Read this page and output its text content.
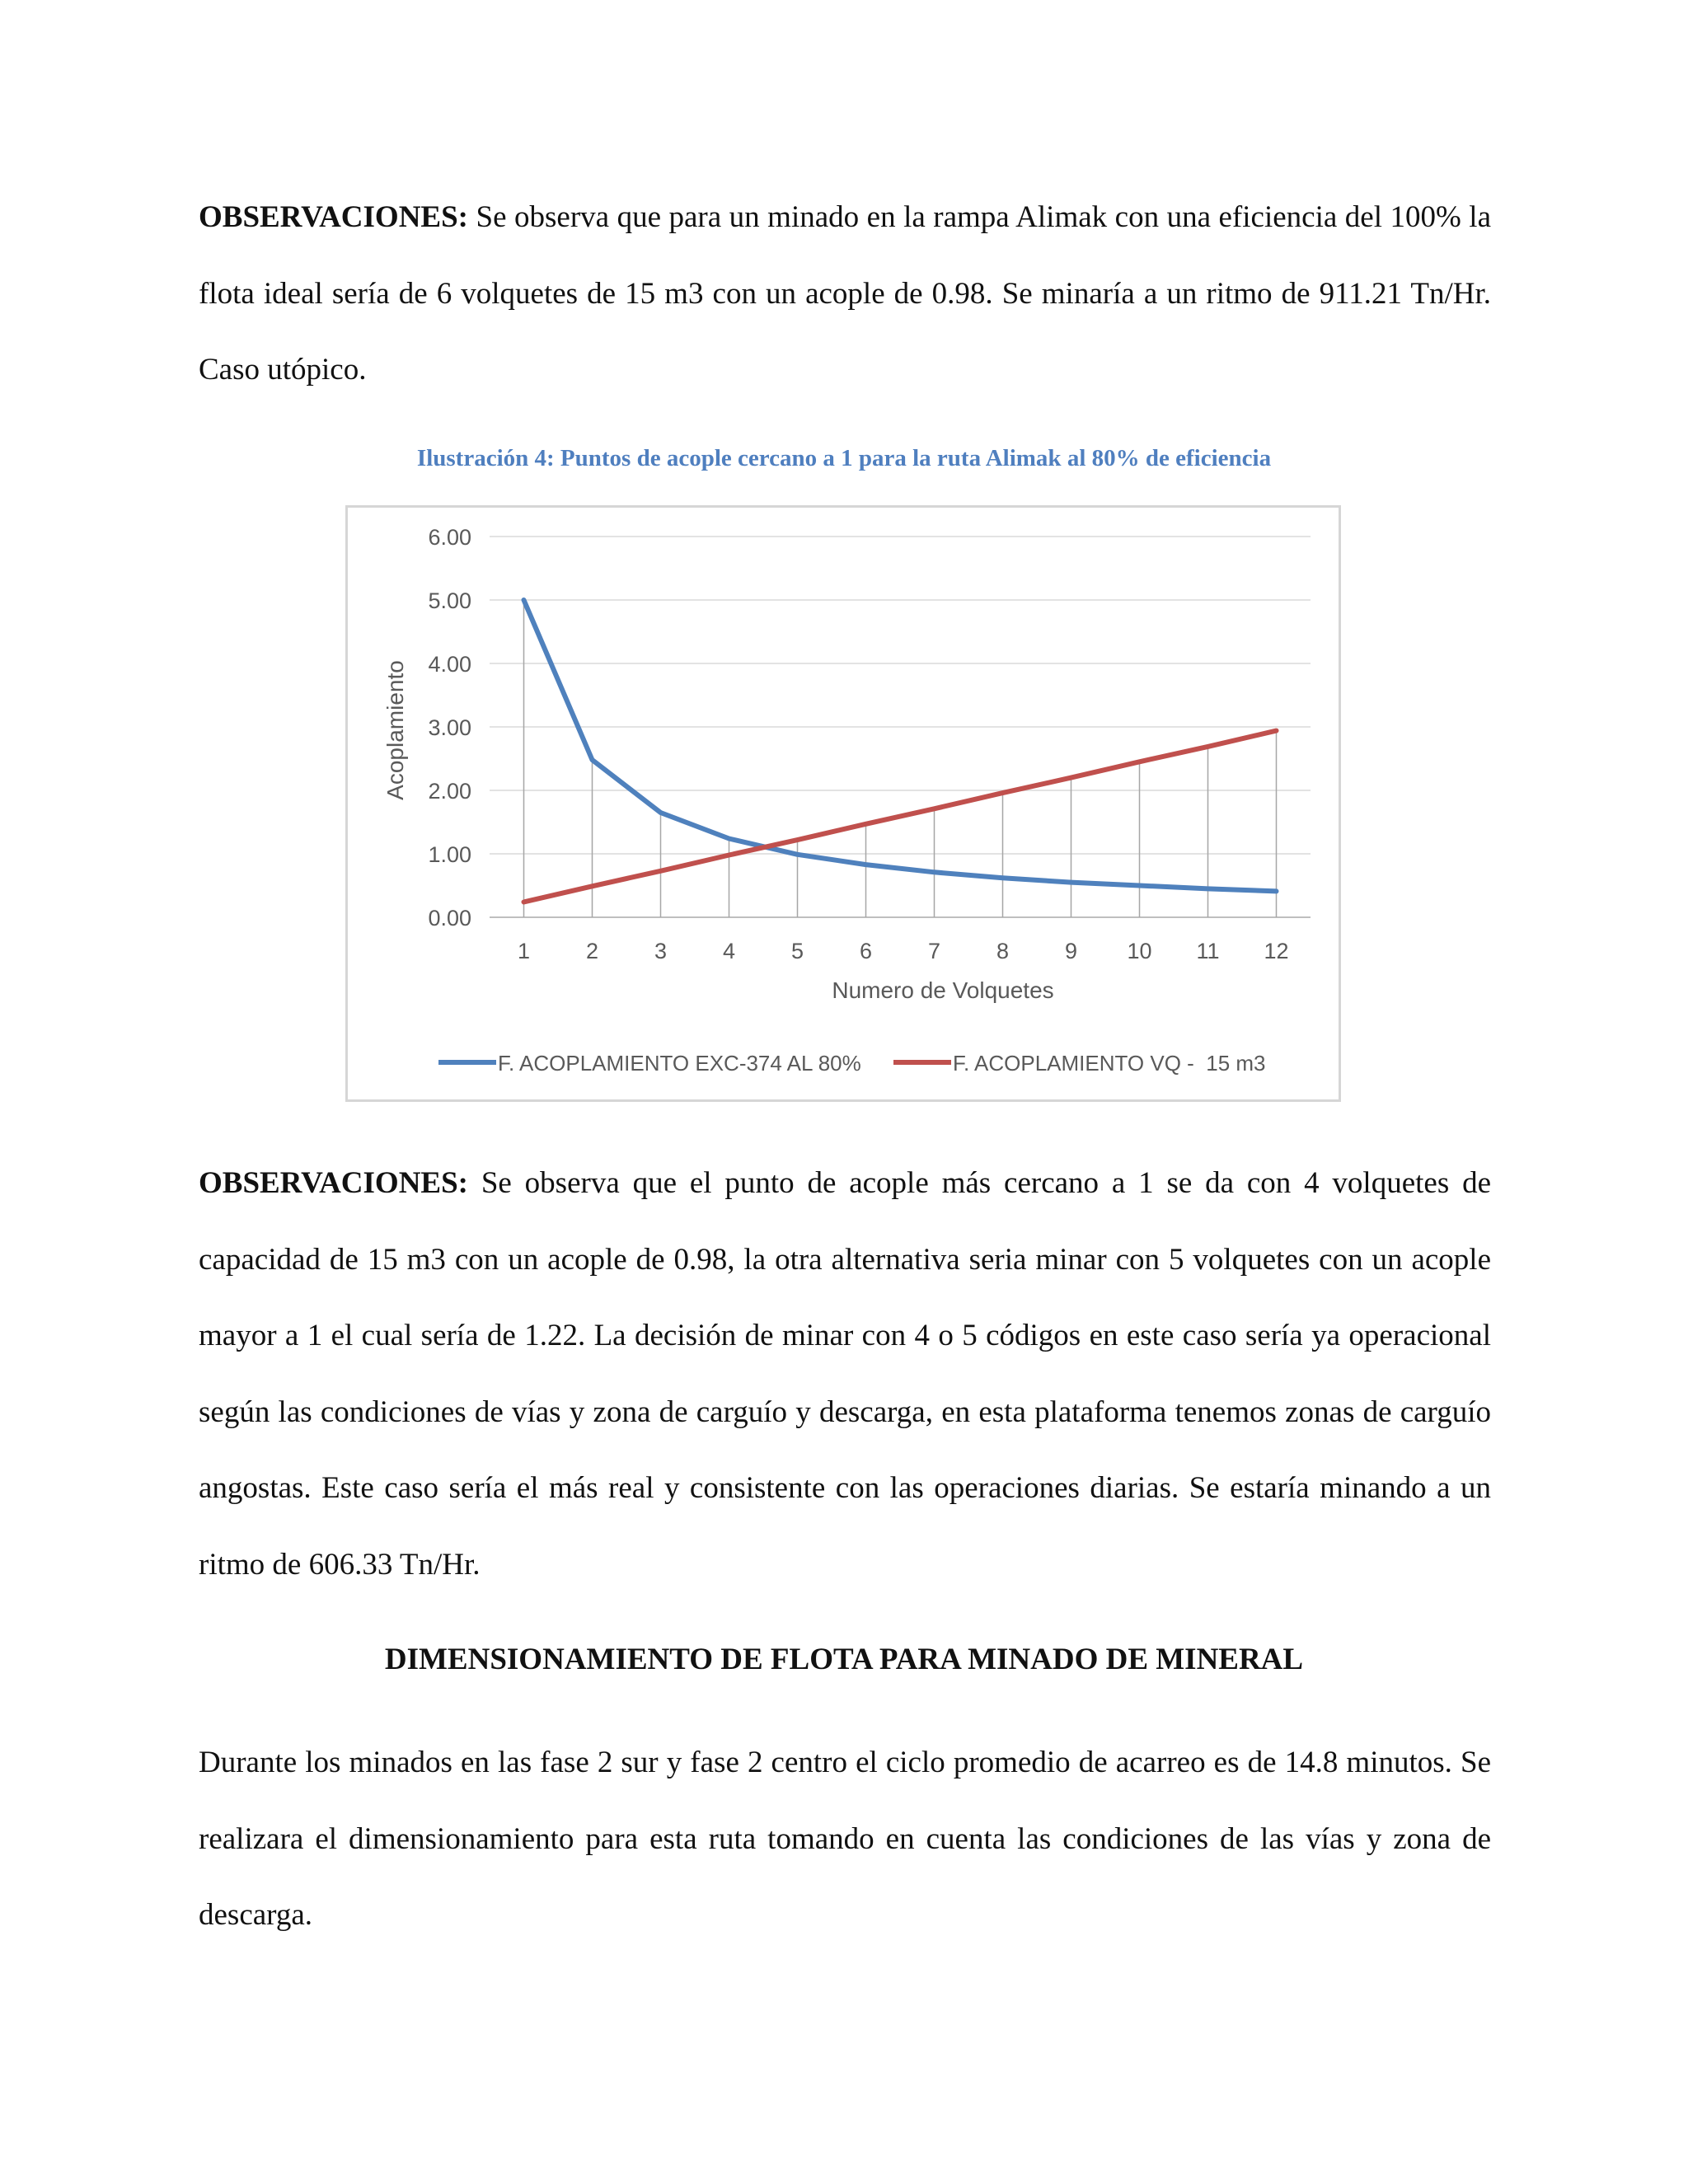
OBSERVACIONES: Se observa que para un minado en la rampa Alimak con una eficiencia del 100% la flota ideal sería de 6 volquetes de 15 m3 con un acople de 0.98. Se minaría a un ritmo de 911.21 Tn/Hr. Caso utópico.

Ilustración 4: Puntos de acople cercano a 1 para la ruta Alimak al 80% de eficiencia
0.00
1.00
2.00
3.00
4.00
5.00
6.00
1	2	3	4	5	6	7	8	9 10 11 12
Numero de Volquetes
Acoplamiento
F. ACOPLAMIENTO EXC-374 AL 80%	F. ACOPLAMIENTO VQ -  15 m3

OBSERVACIONES: Se observa que el punto de acople más cercano a 1 se da con 4 volquetes de capacidad de 15 m3 con un acople de 0.98, la otra alternativa seria minar con 5 volquetes con un acople mayor a 1 el cual sería de 1.22. La decisión de minar con 4 o 5 códigos en este caso sería ya operacional según las condiciones de vías y zona de carguío y descarga, en esta plataforma tenemos zonas de carguío angostas. Este caso sería el más real y consistente con las operaciones diarias. Se estaría minando a un ritmo de 606.33 Tn/Hr.

DIMENSIONAMIENTO DE FLOTA PARA MINADO DE MINERAL

Durante los minados en las fase 2 sur y fase 2 centro el ciclo promedio de acarreo es de 14.8 minutos. Se realizara el dimensionamiento para esta ruta tomando en cuenta las condiciones de las vías y zona de descarga.
